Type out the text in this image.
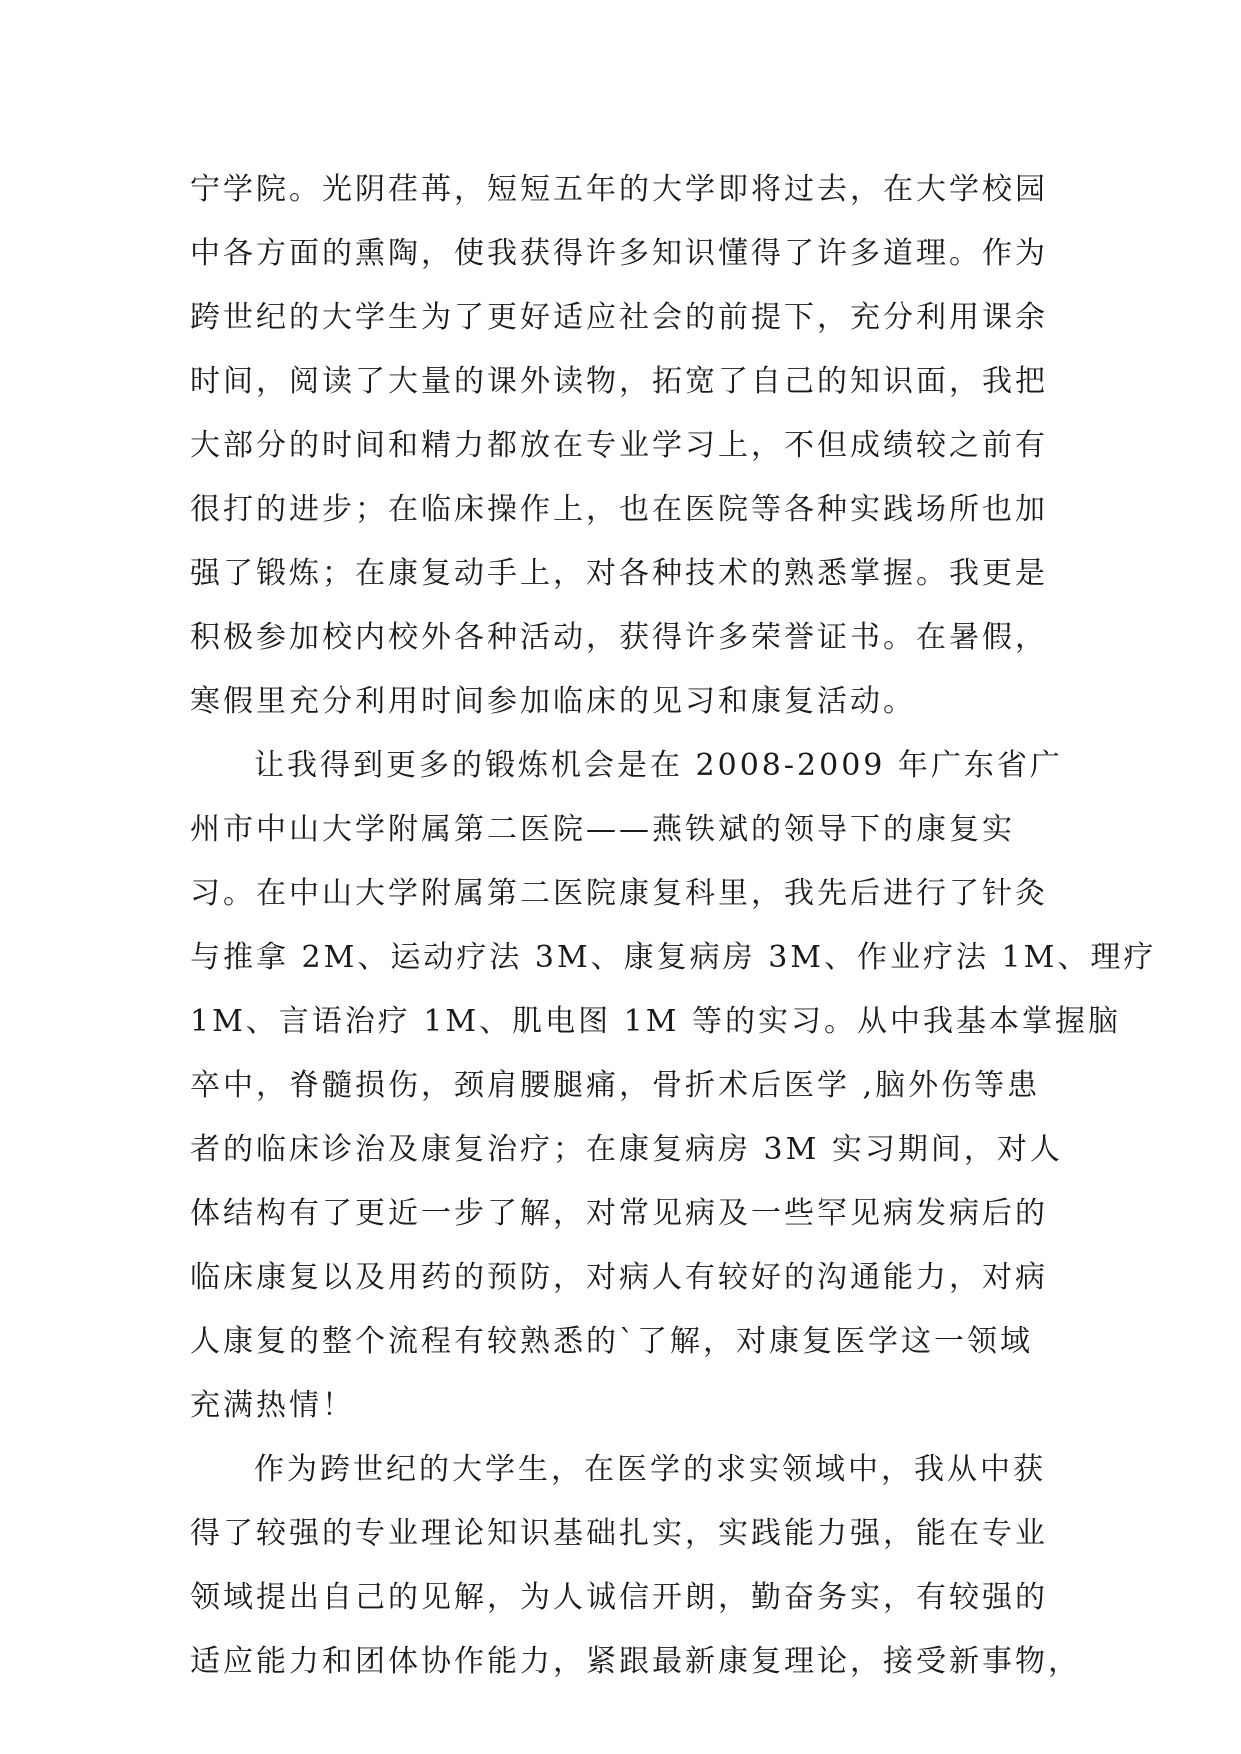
宁学院。光阴荏苒，短短五年的大学即将过去，在大学校园
中各方面的熏陶，使我获得许多知识懂得了许多道理。作为
跨世纪的大学生为了更好适应社会的前提下，充分利用课余
时间，阅读了大量的课外读物，拓宽了自己的知识面，我把
大部分的时间和精力都放在专业学习上，不但成绩较之前有
很打的进步；在临床操作上，也在医院等各种实践场所也加
强了锻炼；在康复动手上，对各种技术的熟悉掌握。我更是
积极参加校内校外各种活动，获得许多荣誉证书。在暑假，
寒假里充分利用时间参加临床的见习和康复活动。
让我得到更多的锻炼机会是在 2008-2009 年广东省广
州市中山大学附属第二医院——燕铁斌的领导下的康复实
习。在中山大学附属第二医院康复科里，我先后进行了针灸
与推拿 2M、运动疗法 3M、康复病房 3M、作业疗法 1M、理疗
1M、言语治疗 1M、肌电图 1M 等的实习。从中我基本掌握脑
卒中，脊髓损伤，颈肩腰腿痛，骨折术后医学 ,脑外伤等患
者的临床诊治及康复治疗；在康复病房 3M 实习期间，对人
体结构有了更近一步了解，对常见病及一些罕见病发病后的
临床康复以及用药的预防，对病人有较好的沟通能力，对病
人康复的整个流程有较熟悉的`了解，对康复医学这一领域
充满热情！
作为跨世纪的大学生，在医学的求实领域中，我从中获
得了较强的专业理论知识基础扎实，实践能力强，能在专业
领域提出自己的见解，为人诚信开朗，勤奋务实，有较强的
适应能力和团体协作能力，紧跟最新康复理论，接受新事物，
